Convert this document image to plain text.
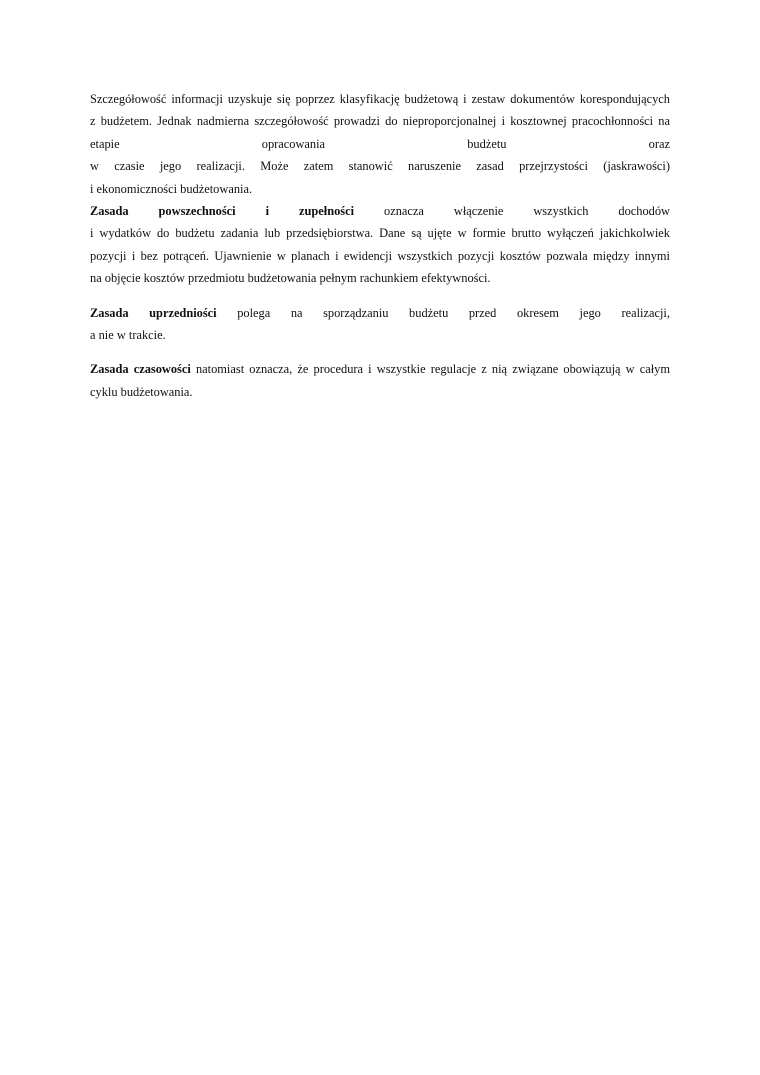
Szczegółowość informacji uzyskuje się poprzez klasyfikację budżetową i zestaw dokumentów korespondujących
z budżetem. Jednak nadmierna szczegółowość prowadzi do nieproporcjonalnej i kosztownej pracochłonności na
etapie	opracowania	budżetu	oraz
w czasie jego realizacji. Może zatem stanowić naruszenie zasad przejrzystości (jaskrawości)
i ekonomiczności budżetowania.
Zasada powszechności i zupełności oznacza włączenie wszystkich dochodów
i wydatków do budżetu zadania lub przedsiębiorstwa. Dane są ujęte w formie brutto wyłączeń jakichkolwiek
pozycji i bez potrąceń. Ujawnienie w planach i ewidencji wszystkich pozycji kosztów pozwala między innymi
na objęcie kosztów przedmiotu budżetowania pełnym rachunkiem efektywności.
Zasada uprzedniości polega na sporządzaniu budżetu przed okresem jego realizacji,
a nie w trakcie.
Zasada czasowości natomiast oznacza, że procedura i wszystkie regulacje z nią związane obowiązują w całym
cyklu budżetowania.
